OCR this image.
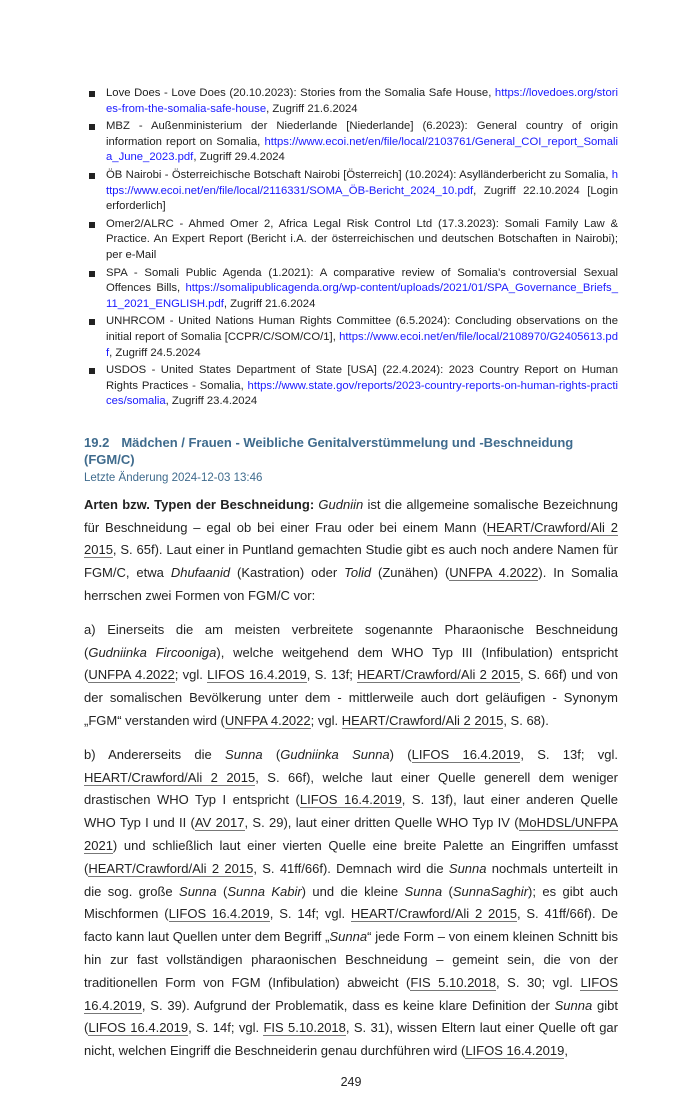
Love Does - Love Does (20.10.2023): Stories from the Somalia Safe House, https://lovedoes.org/stories-from-the-somalia-safe-house, Zugriff 21.6.2024
MBZ - Außenministerium der Niederlande [Niederlande] (6.2023): General country of origin information report on Somalia, https://www.ecoi.net/en/file/local/2103761/General_COI_report_Somalia_June_2023.pdf, Zugriff 29.4.2024
ÖB Nairobi - Österreichische Botschaft Nairobi [Österreich] (10.2024): Asylländerbericht zu Somalia, https://www.ecoi.net/en/file/local/2116331/SOMA_ÖB-Bericht_2024_10.pdf, Zugriff 22.10.2024 [Login erforderlich]
Omer2/ALRC - Ahmed Omer 2, Africa Legal Risk Control Ltd (17.3.2023): Somali Family Law & Practice. An Expert Report (Bericht i.A. der österreichischen und deutschen Botschaften in Nairobi); per e-Mail
SPA - Somali Public Agenda (1.2021): A comparative review of Somalia's controversial Sexual Offences Bills, https://somalipublicagenda.org/wp-content/uploads/2021/01/SPA_Governance_Briefs_11_2021_ENGLISH.pdf, Zugriff 21.6.2024
UNHRCOM - United Nations Human Rights Committee (6.5.2024): Concluding observations on the initial report of Somalia [CCPR/C/SOM/CO/1], https://www.ecoi.net/en/file/local/2108970/G2405613.pdf, Zugriff 24.5.2024
USDOS - United States Department of State [USA] (22.4.2024): 2023 Country Report on Human Rights Practices - Somalia, https://www.state.gov/reports/2023-country-reports-on-human-rights-practices/somalia, Zugriff 23.4.2024
19.2 Mädchen / Frauen - Weibliche Genitalverstümmelung und -Beschneidung (FGM/C)
Letzte Änderung 2024-12-03 13:46

Arten bzw. Typen der Beschneidung: Gudniin ist die allgemeine somalische Bezeichnung für Beschneidung – egal ob bei einer Frau oder bei einem Mann (HEART/Crawford/Ali 2 2015, S. 65f). Laut einer in Puntland gemachten Studie gibt es auch noch andere Namen für FGM/C, etwa Dhufaanid (Kastration) oder Tolid (Zunähen) (UNFPA 4.2022). In Somalia herrschen zwei Formen von FGM/C vor:

a) Einerseits die am meisten verbreitete sogenannte Pharaonische Beschneidung (Gudniinka Fircooniga), welche weitgehend dem WHO Typ III (Infibulation) entspricht (UNFPA 4.2022; vgl. LIFOS 16.4.2019, S. 13f; HEART/Crawford/Ali 2 2015, S. 66f) und von der somalischen Bevölkerung unter dem - mittlerweile auch dort geläufigen - Synonym „FGM“ verstanden wird (UNFPA 4.2022; vgl. HEART/Crawford/Ali 2 2015, S. 68).

b) Andererseits die Sunna (Gudniinka Sunna) (LIFOS 16.4.2019, S. 13f; vgl. HEART/Crawford/Ali 2 2015, S. 66f), welche laut einer Quelle generell dem weniger drastischen WHO Typ I entspricht (LIFOS 16.4.2019, S. 13f), laut einer anderen Quelle WHO Typ I und II (AV 2017, S. 29), laut einer dritten Quelle WHO Typ IV (MoHDSL/UNFPA 2021) und schließlich laut einer vierten Quelle eine breite Palette an Eingriffen umfasst (HEART/Crawford/Ali 2 2015, S. 41ff/66f). Demnach wird die Sunna nochmals unterteilt in die sog. große Sunna (Sunna Kabir) und die kleine Sunna (SunnaSaghir); es gibt auch Mischformen (LIFOS 16.4.2019, S. 14f; vgl. HEART/Crawford/Ali 2 2015, S. 41ff/66f). De facto kann laut Quellen unter dem Begriff „Sunna“ jede Form – von einem kleinen Schnitt bis hin zur fast vollständigen pharaonischen Beschneidung – gemeint sein, die von der traditionellen Form von FGM (Infibulation) abweicht (FIS 5.10.2018, S. 30; vgl. LIFOS 16.4.2019, S. 39). Aufgrund der Problematik, dass es keine klare Definition der Sunna gibt (LIFOS 16.4.2019, S. 14f; vgl. FIS 5.10.2018, S. 31), wissen Eltern laut einer Quelle oft gar nicht, welchen Eingriff die Beschneiderin genau durchführen wird (LIFOS 16.4.2019,

249
